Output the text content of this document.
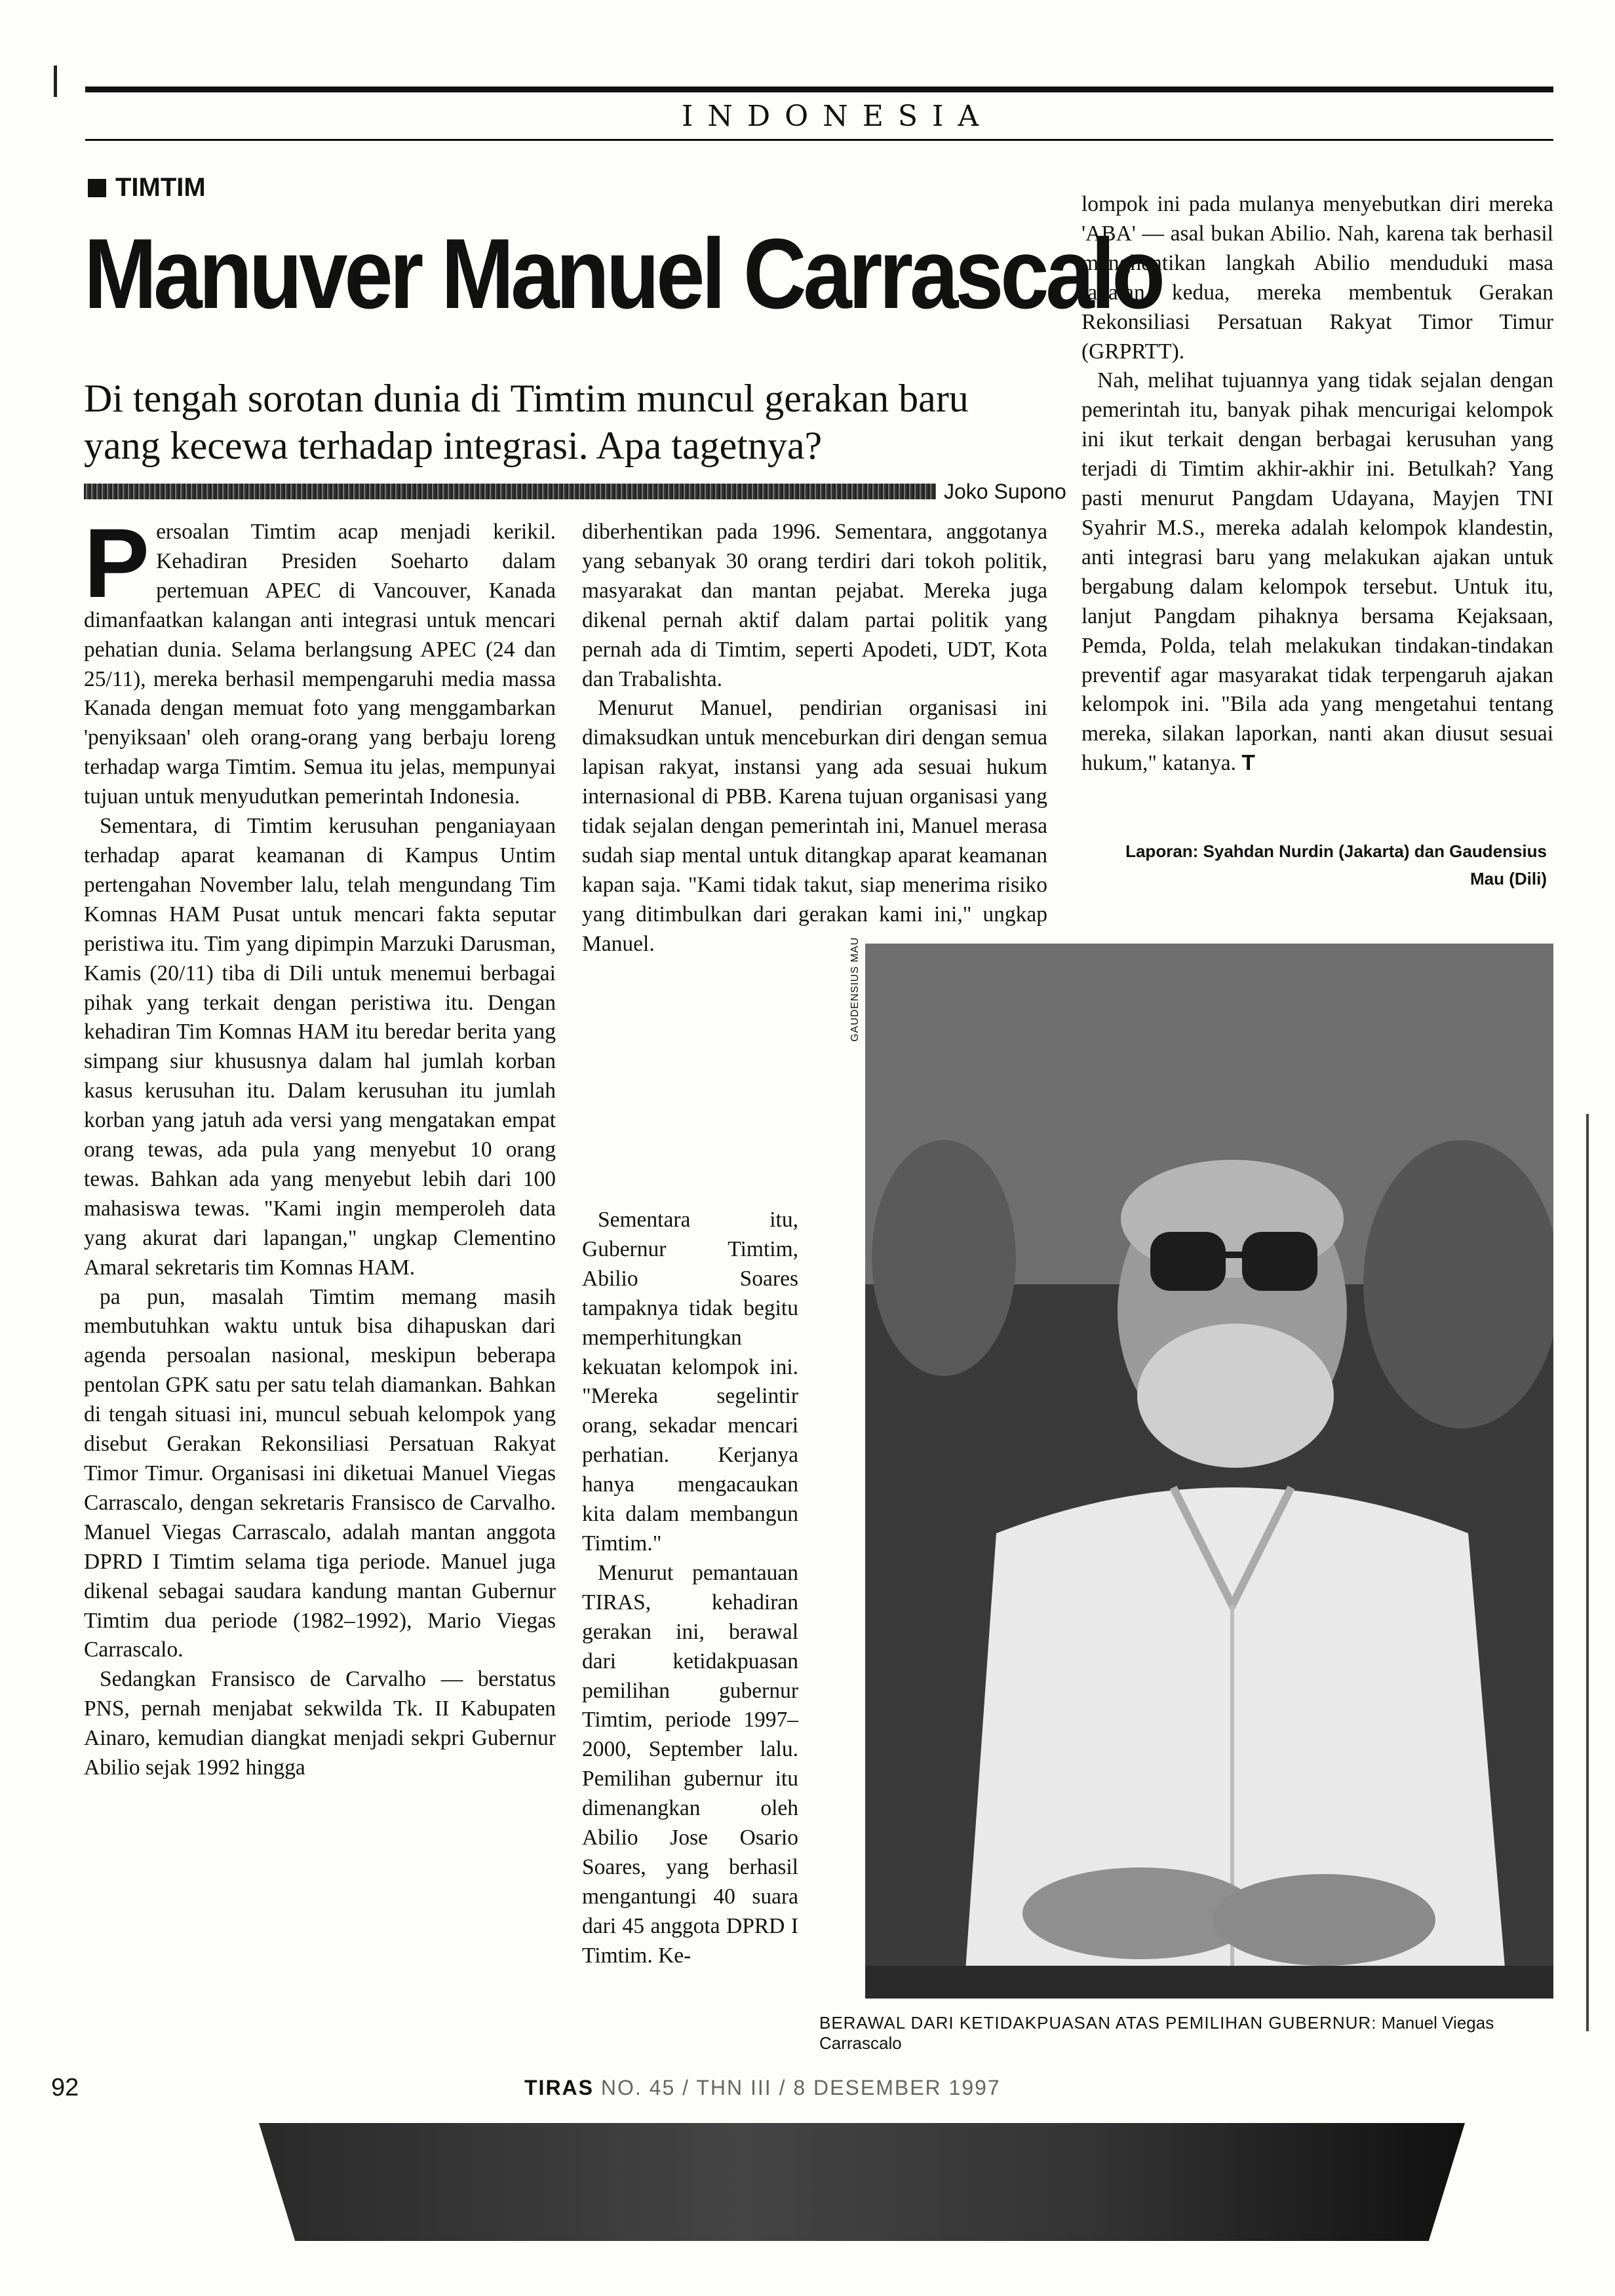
INDONESIA
TIMTIM
Manuver Manuel Carrascalo
Di tengah sorotan dunia di Timtim muncul gerakan baru yang kecewa terhadap integrasi. Apa tagetnya?
Joko Supono

Persoalan Timtim acap menjadi kerikil. Kehadiran Presiden Soeharto dalam pertemuan APEC di Vancouver, Kanada dimanfaatkan kalangan anti integrasi untuk mencari pehatian dunia. Selama berlangsung APEC (24 dan 25/11), mereka berhasil mempengaruhi media massa Kanada dengan memuat foto yang menggambarkan 'penyiksaan' oleh orang-orang yang berbaju loreng terhadap warga Timtim. Semua itu jelas, mempunyai tujuan untuk menyudutkan pemerintah Indonesia.

Sementara, di Timtim kerusuhan penganiayaan terhadap aparat keamanan di Kampus Untim pertengahan November lalu, telah mengundang Tim Komnas HAM Pusat untuk mencari fakta seputar peristiwa itu. Tim yang dipimpin Marzuki Darusman, Kamis (20/11) tiba di Dili untuk menemui berbagai pihak yang terkait dengan peristiwa itu. Dengan kehadiran Tim Komnas HAM itu beredar berita yang simpang siur khususnya dalam hal jumlah korban kasus kerusuhan itu. Dalam kerusuhan itu jumlah korban yang jatuh ada versi yang mengatakan empat orang tewas, ada pula yang menyebut 10 orang tewas. Bahkan ada yang menyebut lebih dari 100 mahasiswa tewas. "Kami ingin memperoleh data yang akurat dari lapangan," ungkap Clementino Amaral sekretaris tim Komnas HAM.

pa pun, masalah Timtim memang masih membutuhkan waktu untuk bisa dihapuskan dari agenda persoalan nasional, meskipun beberapa pentolan GPK satu per satu telah diamankan. Bahkan di tengah situasi ini, muncul sebuah kelompok yang disebut Gerakan Rekonsiliasi Persatuan Rakyat Timor Timur. Organisasi ini diketuai Manuel Viegas Carrascalo, dengan sekretaris Fransisco de Carvalho. Manuel Viegas Carrascalo, adalah mantan anggota DPRD I Timtim selama tiga periode. Manuel juga dikenal sebagai saudara kandung mantan Gubernur Timtim dua periode (1982–1992), Mario Viegas Carrascalo.

Sedangkan Fransisco de Carvalho — berstatus PNS, pernah menjabat sekwilda Tk. II Kabupaten Ainaro, kemudian diangkat menjadi sekpri Gubernur Abilio sejak 1992 hingga

diberhentikan pada 1996. Sementara, anggotanya yang sebanyak 30 orang terdiri dari tokoh politik, masyarakat dan mantan pejabat. Mereka juga dikenal pernah aktif dalam partai politik yang pernah ada di Timtim, seperti Apodeti, UDT, Kota dan Trabalishta.

Menurut Manuel, pendirian organisasi ini dimaksudkan untuk menceburkan diri dengan semua lapisan rakyat, instansi yang ada sesuai hukum internasional di PBB. Karena tujuan organisasi yang tidak sejalan dengan pemerintah ini, Manuel merasa sudah siap mental untuk ditangkap aparat keamanan kapan saja. "Kami tidak takut, siap menerima risiko yang ditimbulkan dari gerakan kami ini," ungkap Manuel.

Sementara itu, Gubernur Timtim, Abilio Soares tampaknya tidak begitu memperhitungkan kekuatan kelompok ini. "Mereka segelintir orang, sekadar mencari perhatian. Kerjanya hanya mengacaukan kita dalam membangun Timtim."

Menurut pemantauan TIRAS, kehadiran gerakan ini, berawal dari ketidakpuasan pemilihan gubernur Timtim, periode 1997–2000, September lalu. Pemilihan gubernur itu dimenangkan oleh Abilio Jose Osario Soares, yang berhasil mengantungi 40 suara dari 45 anggota DPRD I Timtim. Ke-

lompok ini pada mulanya menyebutkan diri mereka 'ABA' — asal bukan Abilio. Nah, karena tak berhasil menghentikan langkah Abilio menduduki masa jabatan kedua, mereka membentuk Gerakan Rekonsiliasi Persatuan Rakyat Timor Timur (GRPRTT).

Nah, melihat tujuannya yang tidak sejalan dengan pemerintah itu, banyak pihak mencurigai kelompok ini ikut terkait dengan berbagai kerusuhan yang terjadi di Timtim akhir-akhir ini. Betulkah? Yang pasti menurut Pangdam Udayana, Mayjen TNI Syahrir M.S., mereka adalah kelompok klandestin, anti integrasi baru yang melakukan ajakan untuk bergabung dalam kelompok tersebut. Untuk itu, lanjut Pangdam pihaknya bersama Kejaksaan, Pemda, Polda, telah melakukan tindakan-tindakan preventif agar masyarakat tidak terpengaruh ajakan kelompok ini. "Bila ada yang mengetahui tentang mereka, silakan laporkan, nanti akan diusut sesuai hukum," katanya. T

Laporan: Syahdan Nurdin (Jakarta) dan Gaudensius Mau (Dili)
GAUDENSIUS MAU
BERAWAL DARI KETIDAKPUASAN ATAS PEMILIHAN GUBERNUR: Manuel Viegas Carrascalo
92	TIRAS NO. 45 / THN III / 8 DESEMBER 1997
